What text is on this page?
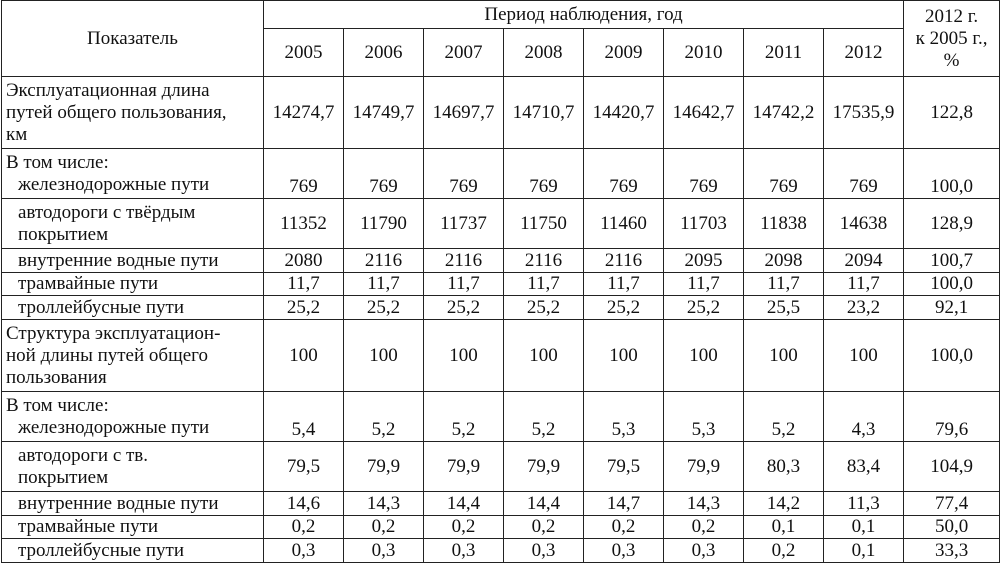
Показатель	Период наблюдения, год								2012 г.
к 2005 г.,
%

	2005	2006	2007	2008	2009	2010	2011	2012	

Эксплуатационная длина
путей общего пользования,
км	14274,7	14749,7	14697,7	14710,7	14420,7	14642,7	14742,2	17535,9	122,8

В том числе:
железнодорожные пути	769	769	769	769	769	769	769	769	100,0

автодороги с твёрдым
покрытием	11352	11790	11737	11750	11460	11703	11838	14638	128,9

внутренние водные пути	2080	2116	2116	2116	2116	2095	2098	2094	100,7

трамвайные пути	11,7	11,7	11,7	11,7	11,7	11,7	11,7	11,7	100,0

троллейбусные пути	25,2	25,2	25,2	25,2	25,2	25,2	25,5	23,2	92,1

Структура эксплуатацион-
ной длины путей общего
пользования	100	100	100	100	100	100	100	100	100,0

В том числе:
железнодорожные пути	5,4	5,2	5,2	5,2	5,3	5,3	5,2	4,3	79,6

автодороги с тв.
покрытием	79,5	79,9	79,9	79,9	79,5	79,9	80,3	83,4	104,9

внутренние водные пути	14,6	14,3	14,4	14,4	14,7	14,3	14,2	11,3	77,4

трамвайные пути	0,2	0,2	0,2	0,2	0,2	0,2	0,1	0,1	50,0

троллейбусные пути	0,3	0,3	0,3	0,3	0,3	0,3	0,2	0,1	33,3
